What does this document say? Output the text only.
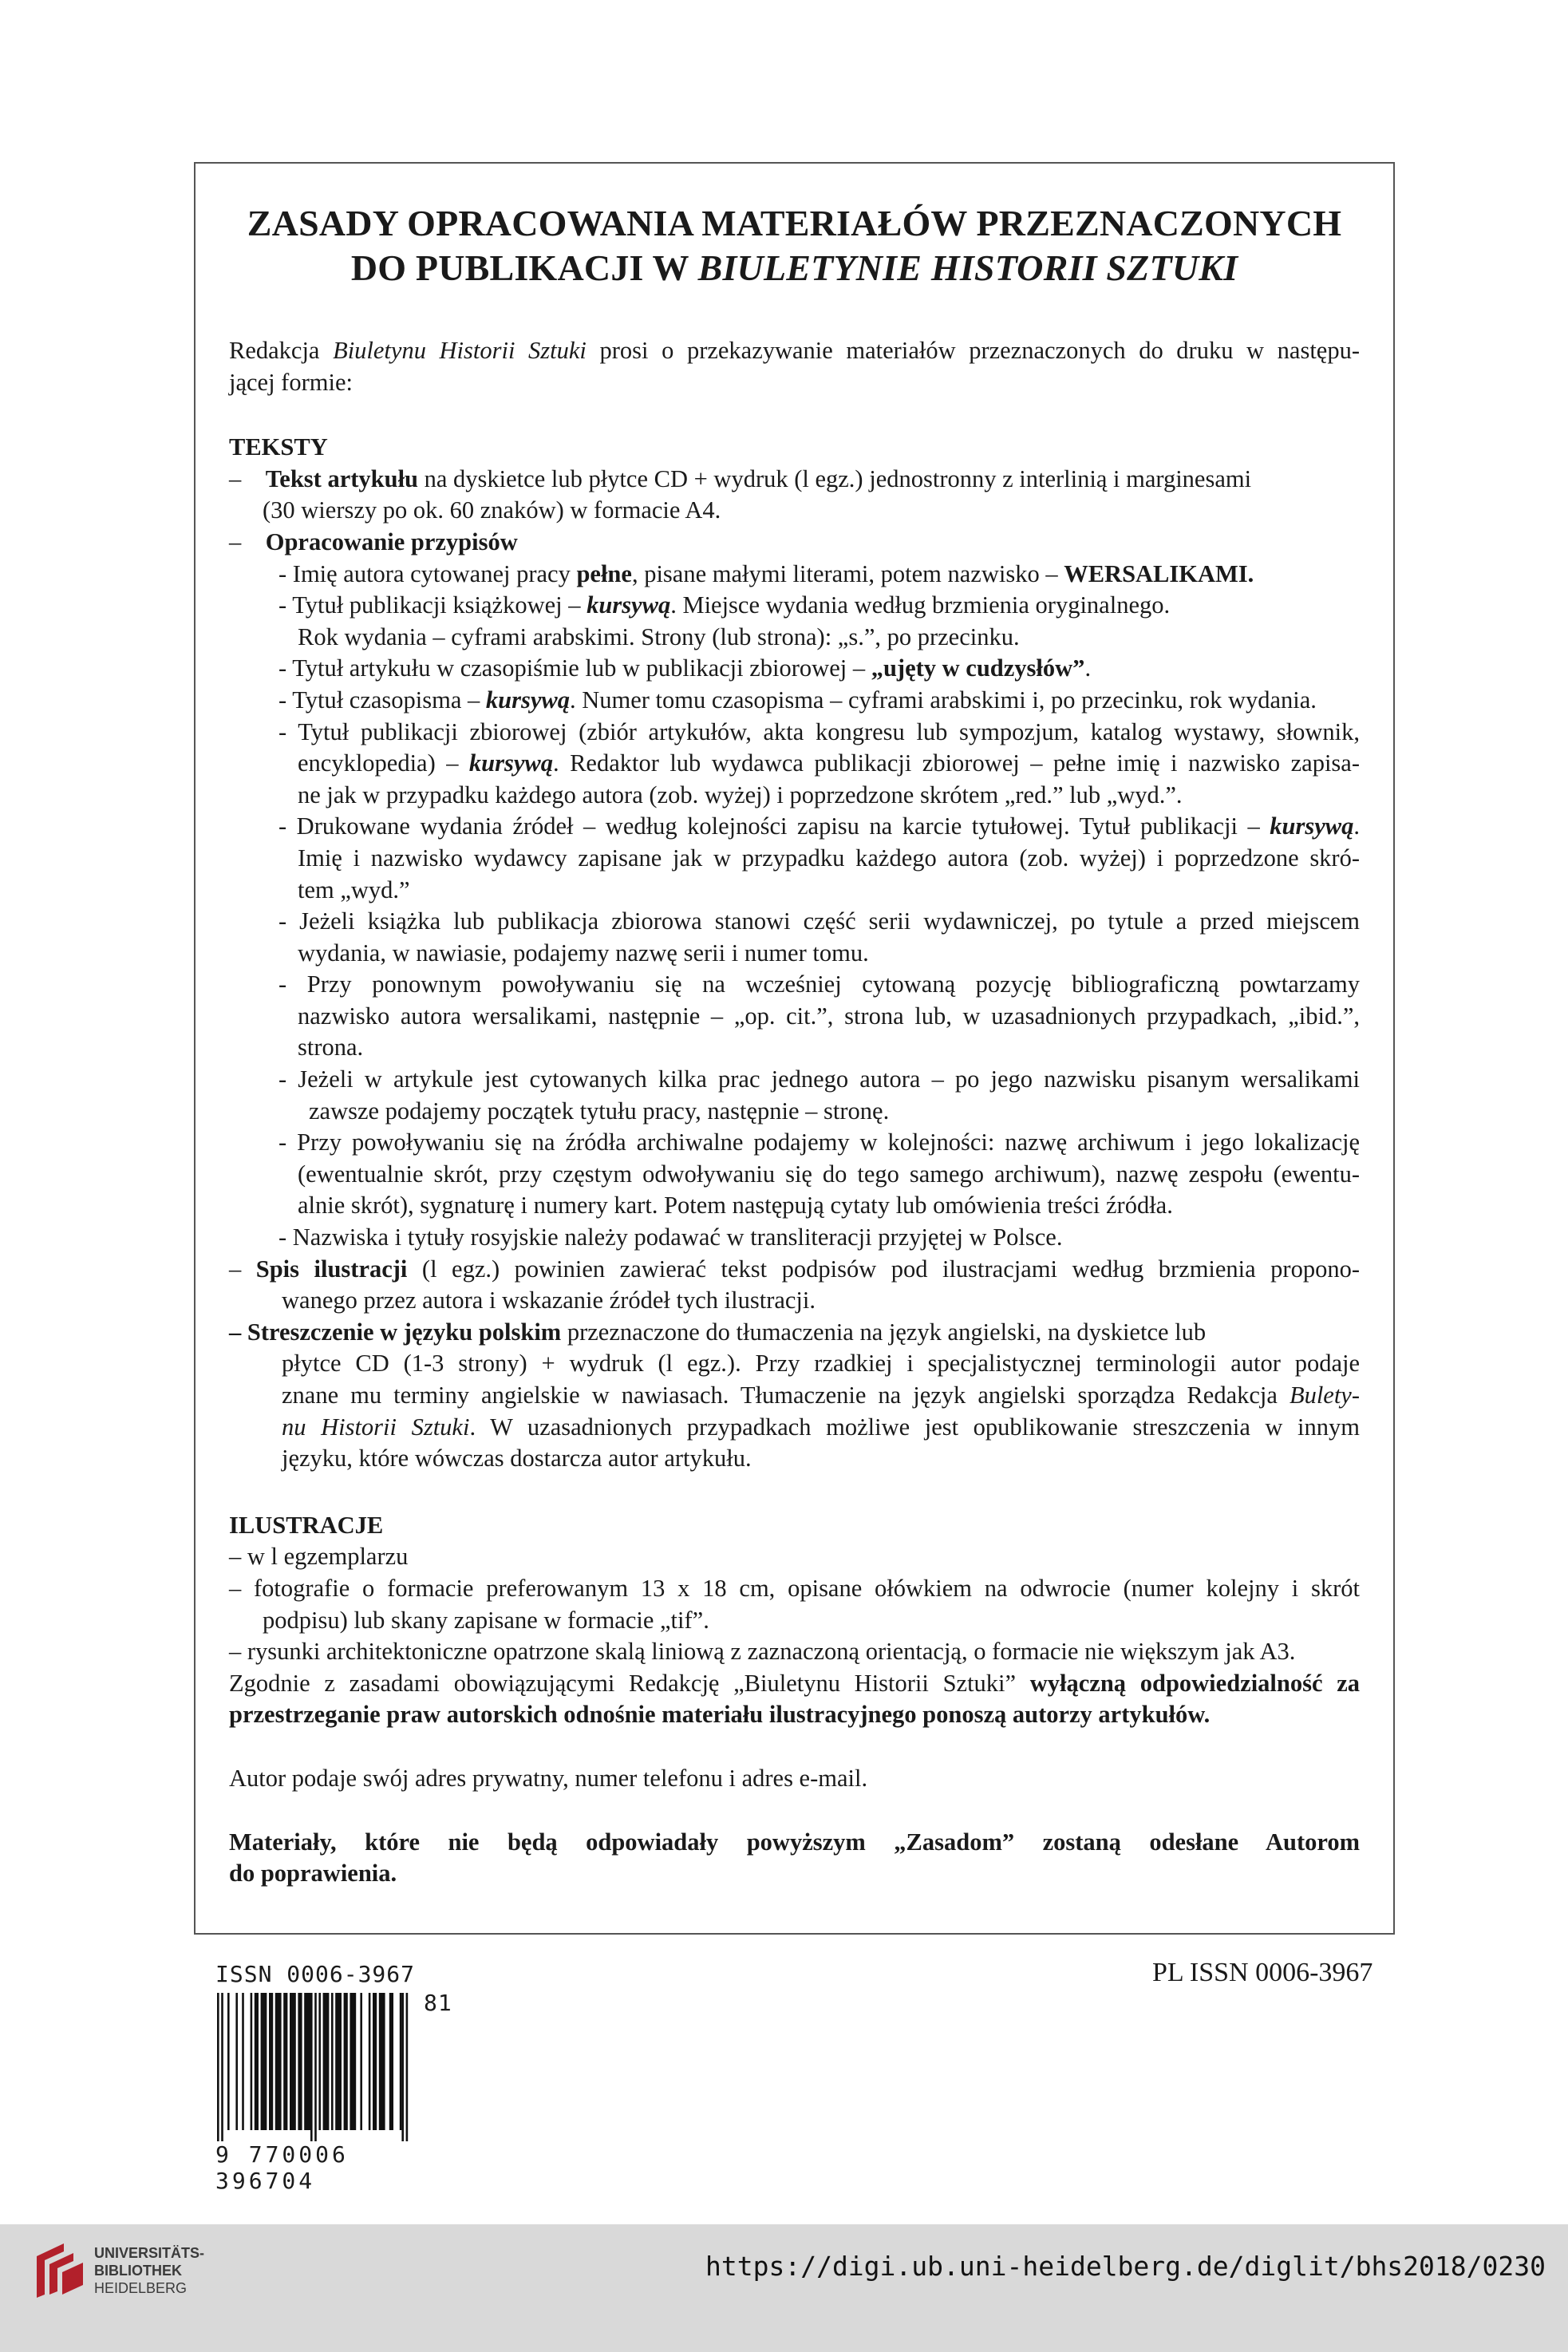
ZASADY OPRACOWANIA MATERIAŁÓW PRZEZNACZONYCH
DO PUBLIKACJI W BIULETYNIE HISTORII SZTUKI
Redakcja Biuletynu Historii Sztuki prosi o przekazywanie materiałów przeznaczonych do druku w następu-
jącej formie:
TEKSTY
– Tekst artykułu na dyskietce lub płytce CD + wydruk (l egz.) jednostronny z interlinią i marginesami
(30 wierszy po ok. 60 znaków) w formacie A4.
– Opracowanie przypisów
- Imię autora cytowanej pracy pełne, pisane małymi literami, potem nazwisko – WERSALIKAMI.
- Tytuł publikacji książkowej – kursywą. Miejsce wydania według brzmienia oryginalnego.
Rok wydania – cyframi arabskimi. Strony (lub strona): „s.”, po przecinku.
- Tytuł artykułu w czasopiśmie lub w publikacji zbiorowej – „ujęty w cudzysłów”.
- Tytuł czasopisma – kursywą. Numer tomu czasopisma – cyframi arabskimi i, po przecinku, rok wydania.
- Tytuł publikacji zbiorowej (zbiór artykułów, akta kongresu lub sympozjum, katalog wystawy, słownik,
encyklopedia) – kursywą. Redaktor lub wydawca publikacji zbiorowej – pełne imię i nazwisko zapisa-
ne jak w przypadku każdego autora (zob. wyżej) i poprzedzone skrótem „red.” lub „wyd.”.
- Drukowane wydania źródeł – według kolejności zapisu na karcie tytułowej. Tytuł publikacji – kursywą.
Imię i nazwisko wydawcy zapisane jak w przypadku każdego autora (zob. wyżej) i poprzedzone skró-
tem „wyd.”
- Jeżeli książka lub publikacja zbiorowa stanowi część serii wydawniczej, po tytule a przed miejscem
wydania, w nawiasie, podajemy nazwę serii i numer tomu.
- Przy ponownym powoływaniu się na wcześniej cytowaną pozycję bibliograficzną powtarzamy
nazwisko autora wersalikami, następnie – „op. cit.”, strona lub, w uzasadnionych przypadkach, „ibid.”,
strona.
- Jeżeli w artykule jest cytowanych kilka prac jednego autora – po jego nazwisku pisanym wersalikami
zawsze podajemy początek tytułu pracy, następnie – stronę.
- Przy powoływaniu się na źródła archiwalne podajemy w kolejności: nazwę archiwum i jego lokalizację
(ewentualnie skrót, przy częstym odwoływaniu się do tego samego archiwum), nazwę zespołu (ewentu-
alnie skrót), sygnaturę i numery kart. Potem następują cytaty lub omówienia treści źródła.
- Nazwiska i tytuły rosyjskie należy podawać w transliteracji przyjętej w Polsce.
– Spis ilustracji (l egz.) powinien zawierać tekst podpisów pod ilustracjami według brzmienia propono-
wanego przez autora i wskazanie źródeł tych ilustracji.
– Streszczenie w języku polskim przeznaczone do tłumaczenia na język angielski, na dyskietce lub
płytce CD (1-3 strony) + wydruk (l egz.). Przy rzadkiej i specjalistycznej terminologii autor podaje
znane mu terminy angielskie w nawiasach. Tłumaczenie na język angielski sporządza Redakcja Bulety-
nu Historii Sztuki. W uzasadnionych przypadkach możliwe jest opublikowanie streszczenia w innym
języku, które wówczas dostarcza autor artykułu.
ILUSTRACJE
– w l egzemplarzu
– fotografie o formacie preferowanym 13 x 18 cm, opisane ołówkiem na odwrocie (numer kolejny i skrót
podpisu) lub skany zapisane w formacie „tif”.
– rysunki architektoniczne opatrzone skalą liniową z zaznaczoną orientacją, o formacie nie większym jak A3.
Zgodnie z zasadami obowiązującymi Redakcję „Biuletynu Historii Sztuki” wyłączną odpowiedzialność za
przestrzeganie praw autorskich odnośnie materiału ilustracyjnego ponoszą autorzy artykułów.
Autor podaje swój adres prywatny, numer telefonu i adres e-mail.
Materiały, które nie będą odpowiadały powyższym „Zasadom” zostaną odesłane Autorom
do poprawienia.
PL ISSN 0006-3967
ISSN 0006-3967
81
9 770006 396704
UNIVERSITÄTS-
BIBLIOTHEK
HEIDELBERG
https://digi.ub.uni-heidelberg.de/diglit/bhs2018/0230
